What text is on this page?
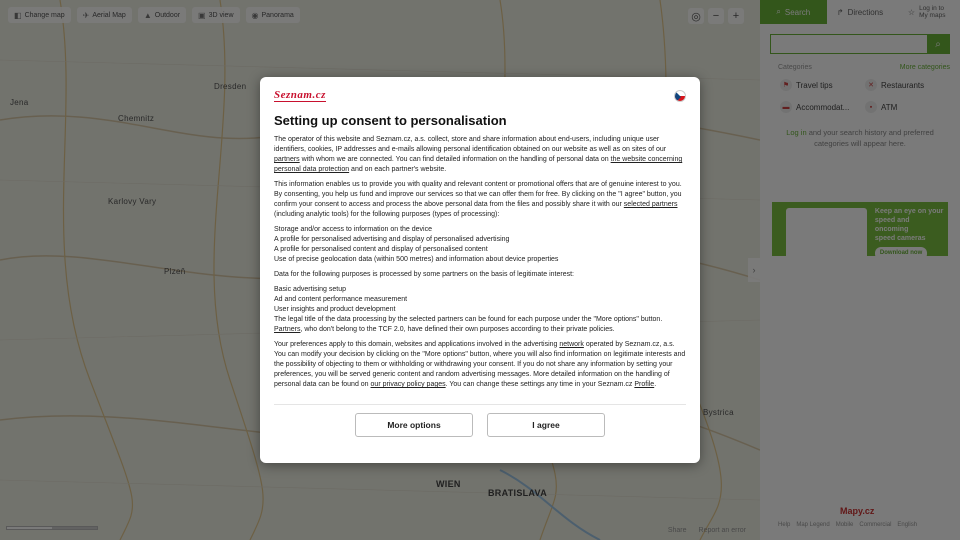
Seznam.cz
Setting up consent to personalisation

The operator of this website and Seznam.cz, a.s. collect, store and share information about end-users, including unique user identifiers, cookies, IP addresses and e-mails allowing personal identification obtained on our website as well as on sites of our partners with whom we are connected. You can find detailed information on the handling of personal data on the website concerning personal data protection and on each partner's website.

This information enables us to provide you with quality and relevant content or promotional offers that are of genuine interest to you. By consenting, you help us fund and improve our services so that we can offer them for free. By clicking on the "I agree" button, you confirm your consent to access and process the above personal data from the files and possibly share it with our selected partners (including analytic tools) for the following purposes (types of processing):

Storage and/or access to information on the device
A profile for personalised advertising and display of personalised advertising
A profile for personalised content and display of personalised content
Use of precise geolocation data (within 500 metres) and information about device properties

Data for the following purposes is processed by some partners on the basis of legitimate interest:

Basic advertising setup
Ad and content performance measurement
User insights and product development

The legal title of the data processing by the selected partners can be found for each purpose under the "More options" button. Partners, who don't belong to the TCF 2.0, have defined their own purposes according to their private policies.

Your preferences apply to this domain, websites and applications involved in the advertising network operated by Seznam.cz, a.s. You can modify your decision by clicking on the "More options" button, where you will also find information on legitimate interests and the possibility of objecting to them or withholding or withdrawing your consent. If you do not share any information by setting your preferences, you will be served generic content and random advertising messages. More detailed information on the handling of personal data can be found on our privacy policy pages. You can change these settings any time in your Seznam.cz Profile.

More options	I agree
